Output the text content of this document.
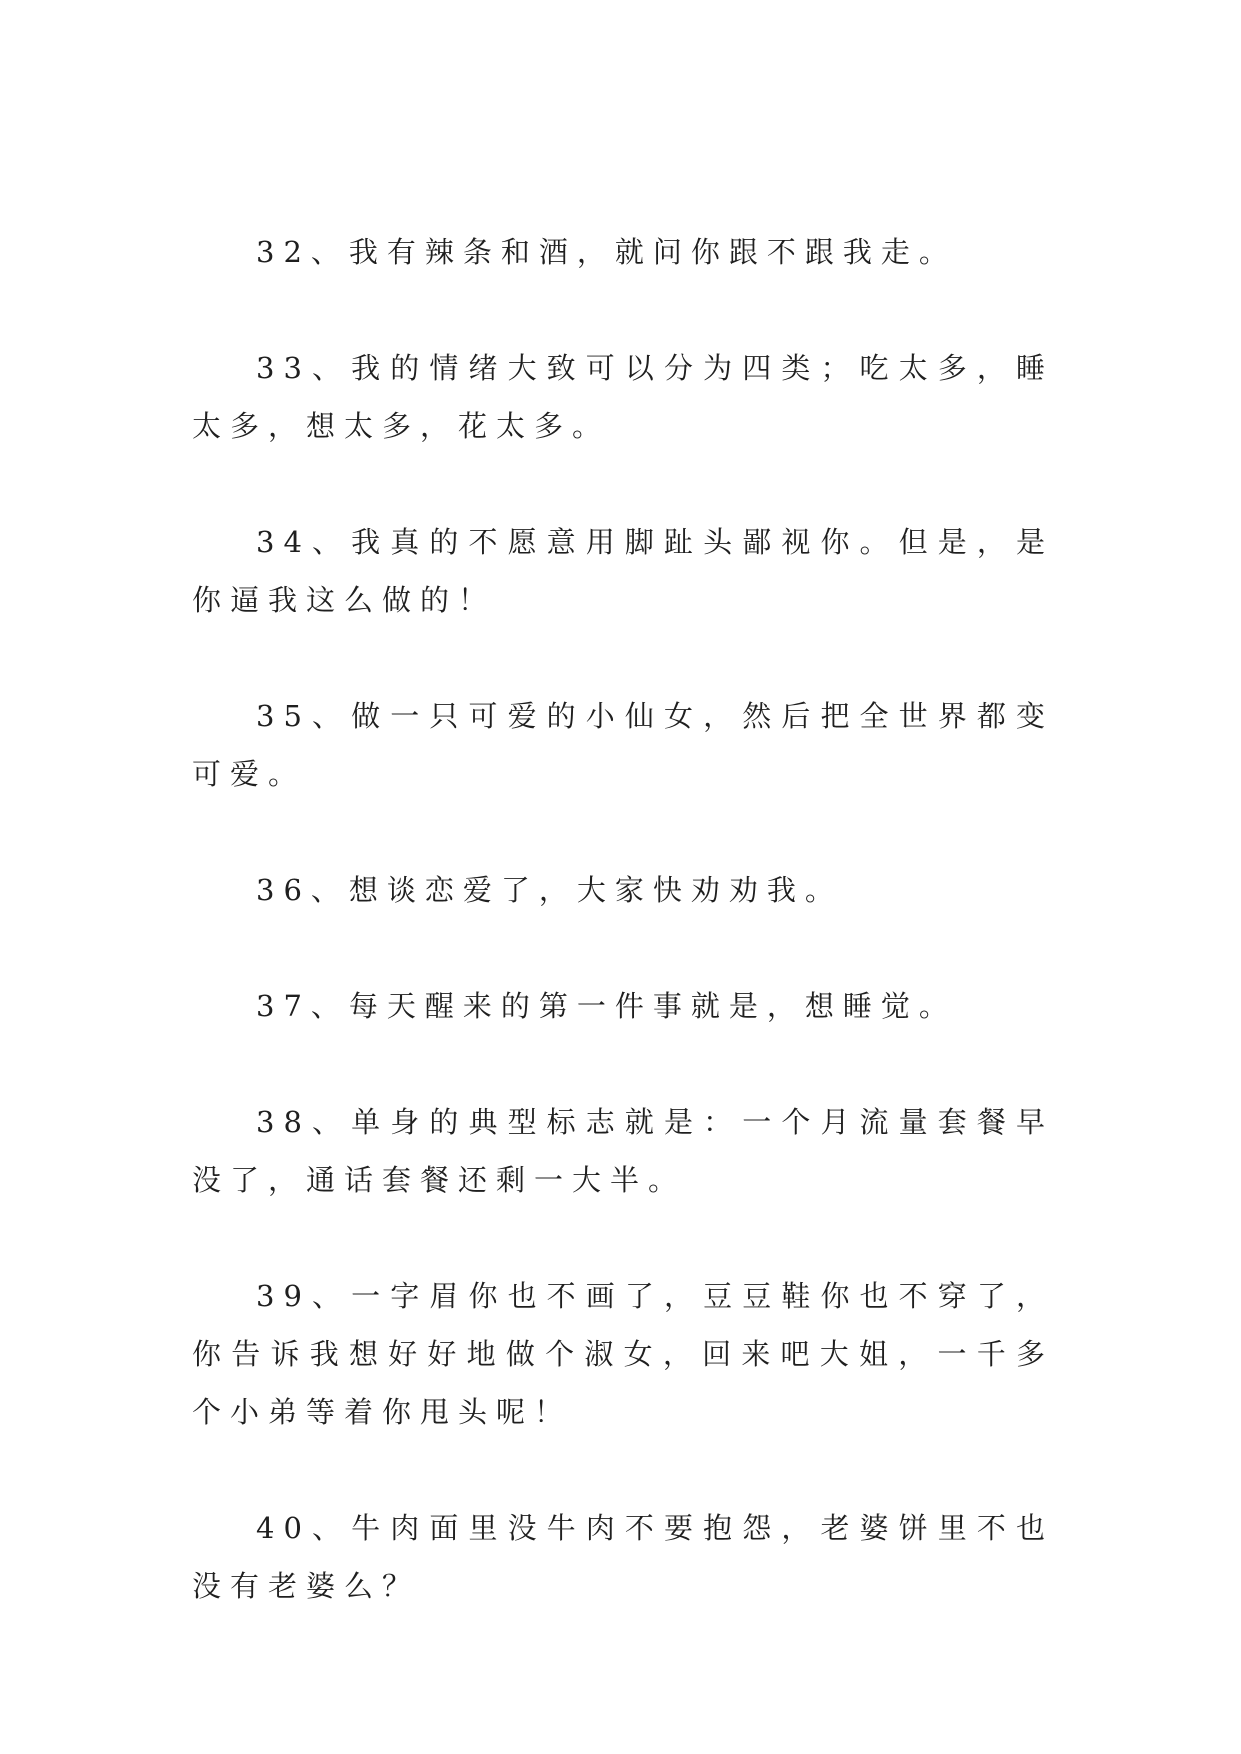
32、我有辣条和酒，就问你跟不跟我走。

33、我的情绪大致可以分为四类；吃太多，睡太多，想太多，花太多。

34、我真的不愿意用脚趾头鄙视你。但是，是你逼我这么做的！

35、做一只可爱的小仙女，然后把全世界都变可爱。

36、想谈恋爱了，大家快劝劝我。

37、每天醒来的第一件事就是，想睡觉。

38、单身的典型标志就是：一个月流量套餐早没了，通话套餐还剩一大半。

39、一字眉你也不画了，豆豆鞋你也不穿了，你告诉我想好好地做个淑女，回来吧大姐，一千多个小弟等着你甩头呢！

40、牛肉面里没牛肉不要抱怨，老婆饼里不也没有老婆么？
